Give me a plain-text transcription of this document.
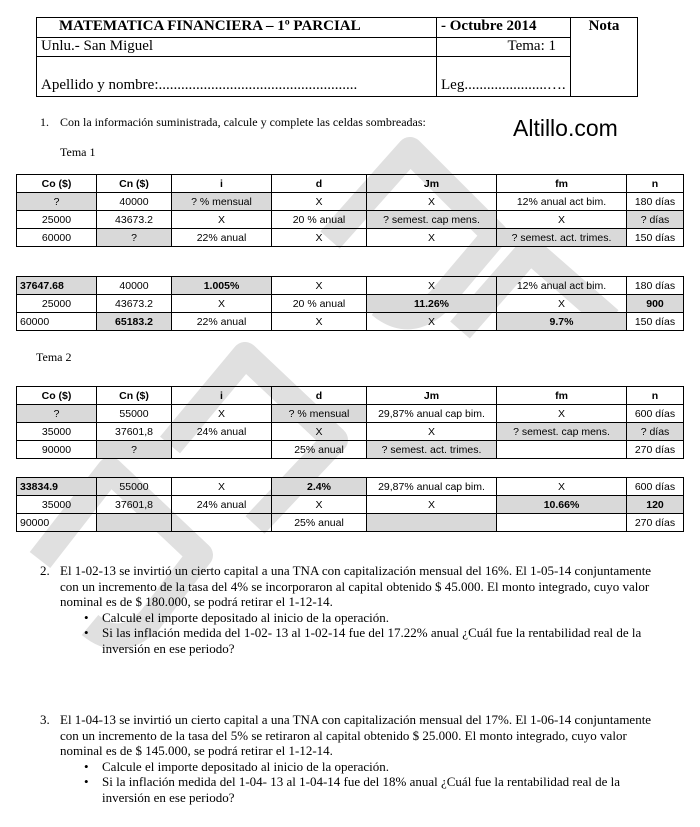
MATEMATICA FINANCIERA – 1º PARCIAL	- Octubre 2014	Nota
Unlu.- San Miguel	Tema: 1	
Apellido y nombre:.....................................................	Leg......................….	
Altillo.com
1. Con la información suministrada, calcule y complete las celdas sombreadas:
Tema 1
Tema 2
Co ($)	Cn ($)	i	d	Jm	fm	n
?	40000	? % mensual	X	X	12% anual act bim.	180 días
25000	43673.2	X	20 % anual	? semest. cap mens.	X	? días
60000	?	22% anual	X	X	? semest. act. trimes.	150 días
37647.68	40000	1.005%	X	X	12% anual act bim.	180 días
25000	43673.2	X	20 % anual	11.26%	X	900
60000	65183.2	22% anual	X	X	9.7%	150 días
Co ($)	Cn ($)	i	d	Jm	fm	n
?	55000	X	? % mensual	29,87% anual cap bim.	X	600 días
35000	37601,8	24% anual	X	X	? semest. cap mens.	? días
90000	?		25% anual	? semest. act. trimes.		270 días
33834.9	55000	X	2.4%	29,87% anual cap bim.	X	600 días
35000	37601,8	24% anual	X	X	10.66%	120
90000			25% anual			270 días
2. El 1-02-13 se invirtió un cierto capital a una TNA con capitalización mensual del 16%. El 1-05-14 conjuntamente con un incremento de la tasa del 4% se incorporaron al capital obtenido $ 45.000. El monto integrado, cuyo valor nominal es de $ 180.000, se podrá retirar el 1-12-14.
• Calcule el importe depositado al inicio de la operación.
• Si las inflación medida del 1-02- 13 al 1-02-14 fue del 17.22% anual ¿Cuál fue la rentabilidad real de la inversión en ese periodo?
3. El 1-04-13 se invirtió un cierto capital a una TNA con capitalización mensual del 17%. El 1-06-14 conjuntamente con un incremento de la tasa del 5% se retiraron al capital obtenido $ 25.000. El monto integrado, cuyo valor nominal es de $ 145.000, se podrá retirar el 1-12-14.
• Calcule el importe depositado al inicio de la operación.
• Si la inflación medida del 1-04- 13 al 1-04-14 fue del 18% anual ¿Cuál fue la rentabilidad real de la inversión en ese periodo?
